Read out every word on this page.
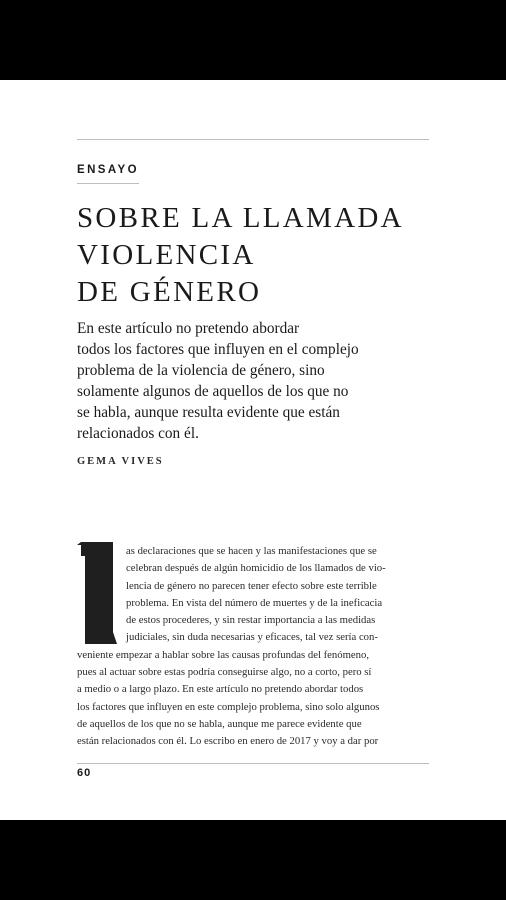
ENSAYO
SOBRE LA LLAMADA
VIOLENCIA
DE GÉNERO
En este artículo no pretendo abordar
todos los factores que influyen en el complejo
problema de la violencia de género, sino
solamente algunos de aquellos de los que no
se habla, aunque resulta evidente que están
relacionados con él.
GEMA VIVES
as declaraciones que se hacen y las manifestaciones que se
celebran después de algún homicidio de los llamados de vio-
lencia de género no parecen tener efecto sobre este terrible
problema. En vista del número de muertes y de la ineficacia
de estos procederes, y sin restar importancia a las medidas
judiciales, sin duda necesarias y eficaces, tal vez sería con-
veniente empezar a hablar sobre las causas profundas del fenómeno,
pues al actuar sobre estas podría conseguirse algo, no a corto, pero sí
a medio o a largo plazo. En este artículo no pretendo abordar todos
los factores que influyen en este complejo problema, sino solo algunos
de aquellos de los que no se habla, aunque me parece evidente que
están relacionados con él. Lo escribo en enero de 2017 y voy a dar por
60
